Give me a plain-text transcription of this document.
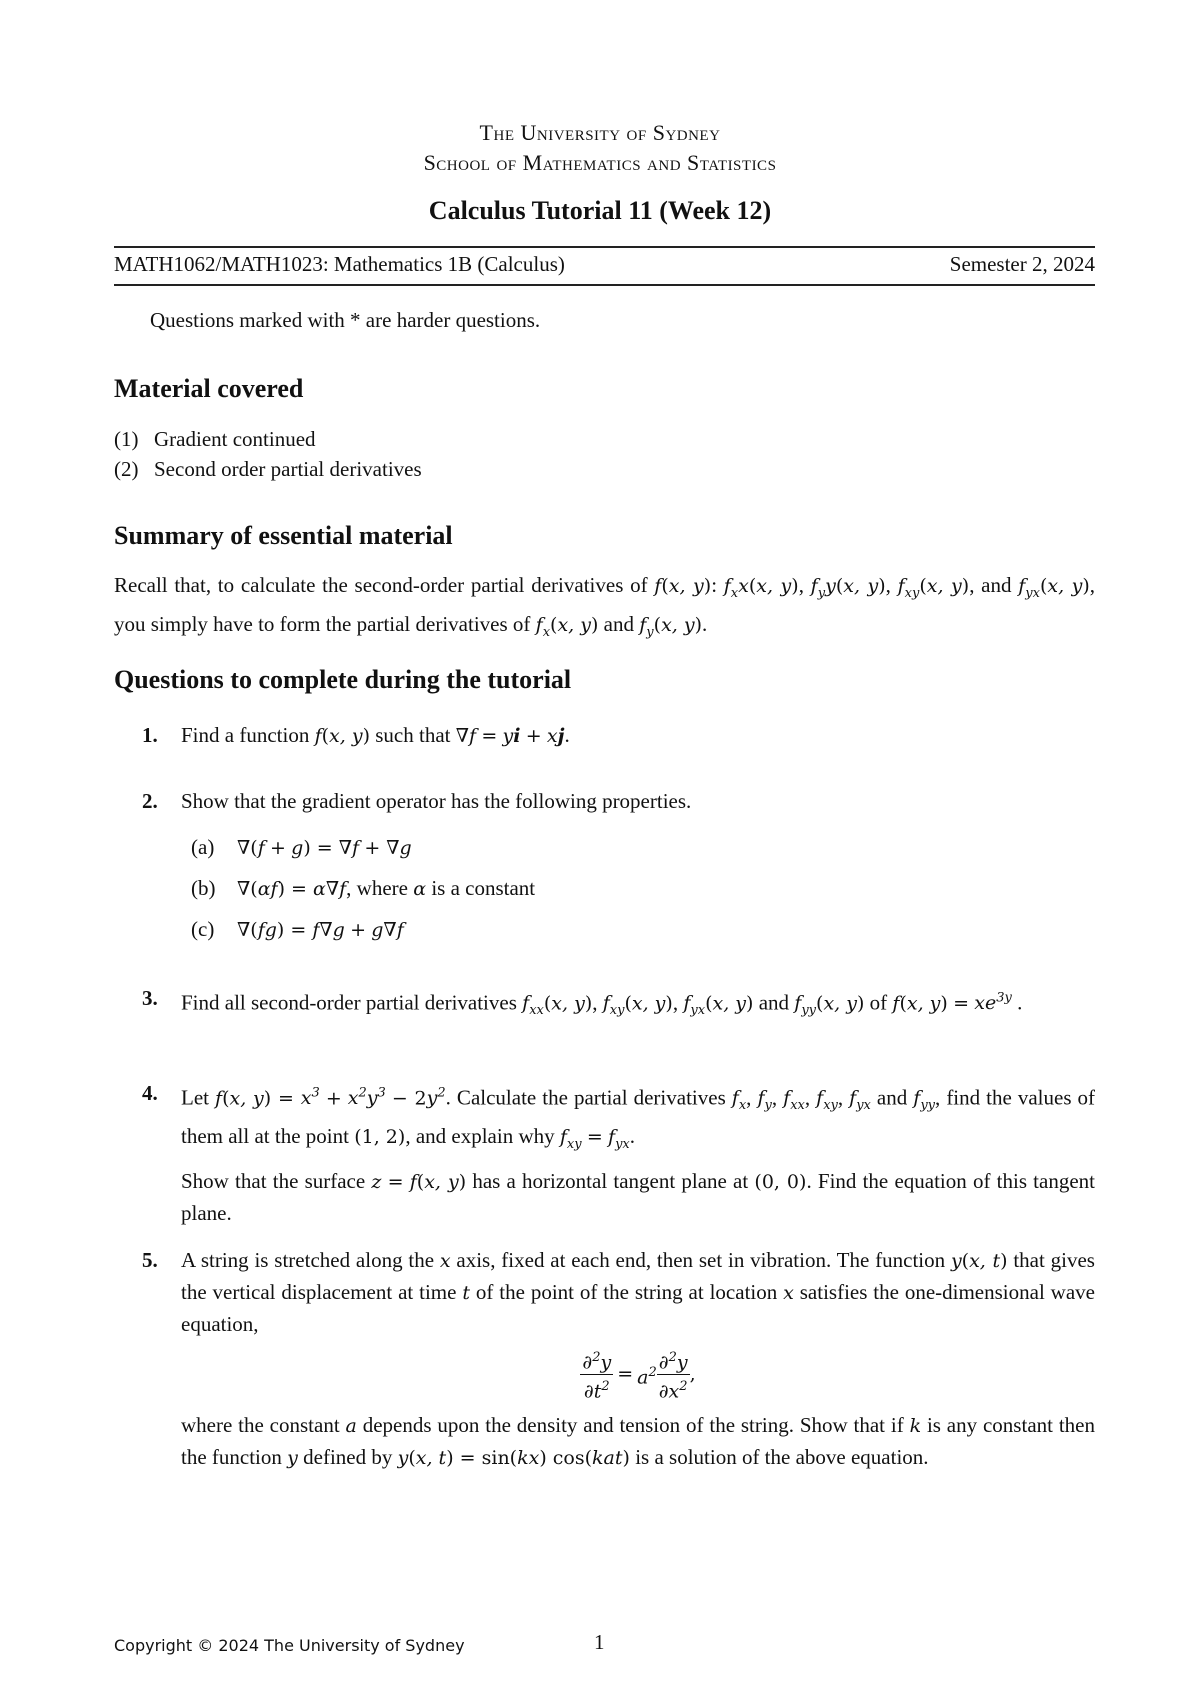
The University of Sydney
School of Mathematics and Statistics
Calculus Tutorial 11 (Week 12)
MATH1062/MATH1023: Mathematics 1B (Calculus)	Semester 2, 2024
Questions marked with * are harder questions.
Material covered
(1) Gradient continued
(2) Second order partial derivatives
Summary of essential material
Recall that, to calculate the second-order partial derivatives of f(x, y): $f_xx(x$, y), $f_yy(x$, y), $f_{xy}(x$, y), and $f_{yx}(x$, y), you simply have to form the partial derivatives of $f_x(x$, y) and $f_y(x$, y).
Questions to complete during the tutorial
1. Find a function f(x, y) such that ∇f = yi + xj.
2. Show that the gradient operator has the following properties.
(a)	∇(f + g) = ∇f + ∇g
(b)	∇(αf) = α∇f, where α is a constant
(c)	∇(fg) = f∇g + g∇f
3. Find all second-order partial derivatives $f_{xx}(x$, y), $f_{xy}(x$, y), $f_{yx}(x$, y) and $f_{yy}(x$, y) of f(x, $y) = xe^{3y}$ .
4. Let f(x, $y) = x^3 + x^2y^3 - 2y^2$. Calculate the partial derivatives $f_x$, $f_y$, $f_{xx}$, $f_{xy}$, $f_{yx}$ and $f_{yy}$, find the values of them all at the point (1, 2), and explain why $f_{xy} = f_{yx}$.
Show that the surface z = f(x, y) has a horizontal tangent plane at (0, 0). Find the equation of this tangent plane.
5. A string is stretched along the x axis, fixed at each end, then set in vibration. The function y(x, t) that gives the vertical displacement at time t of the point of the string at location x satisfies the one-dimensional wave equation,
$\frac{\partial^2y}{\partial t^2} = a^2 \frac{\partial^2y}{\partial x^2}$ ,
where the constant a depends upon the density and tension of the string. Show that if k is any constant then the function y defined by y(x, t) = sin(kx) cos(kat) is a solution of the above equation.
Copyright © 2024 The University of Sydney	1
